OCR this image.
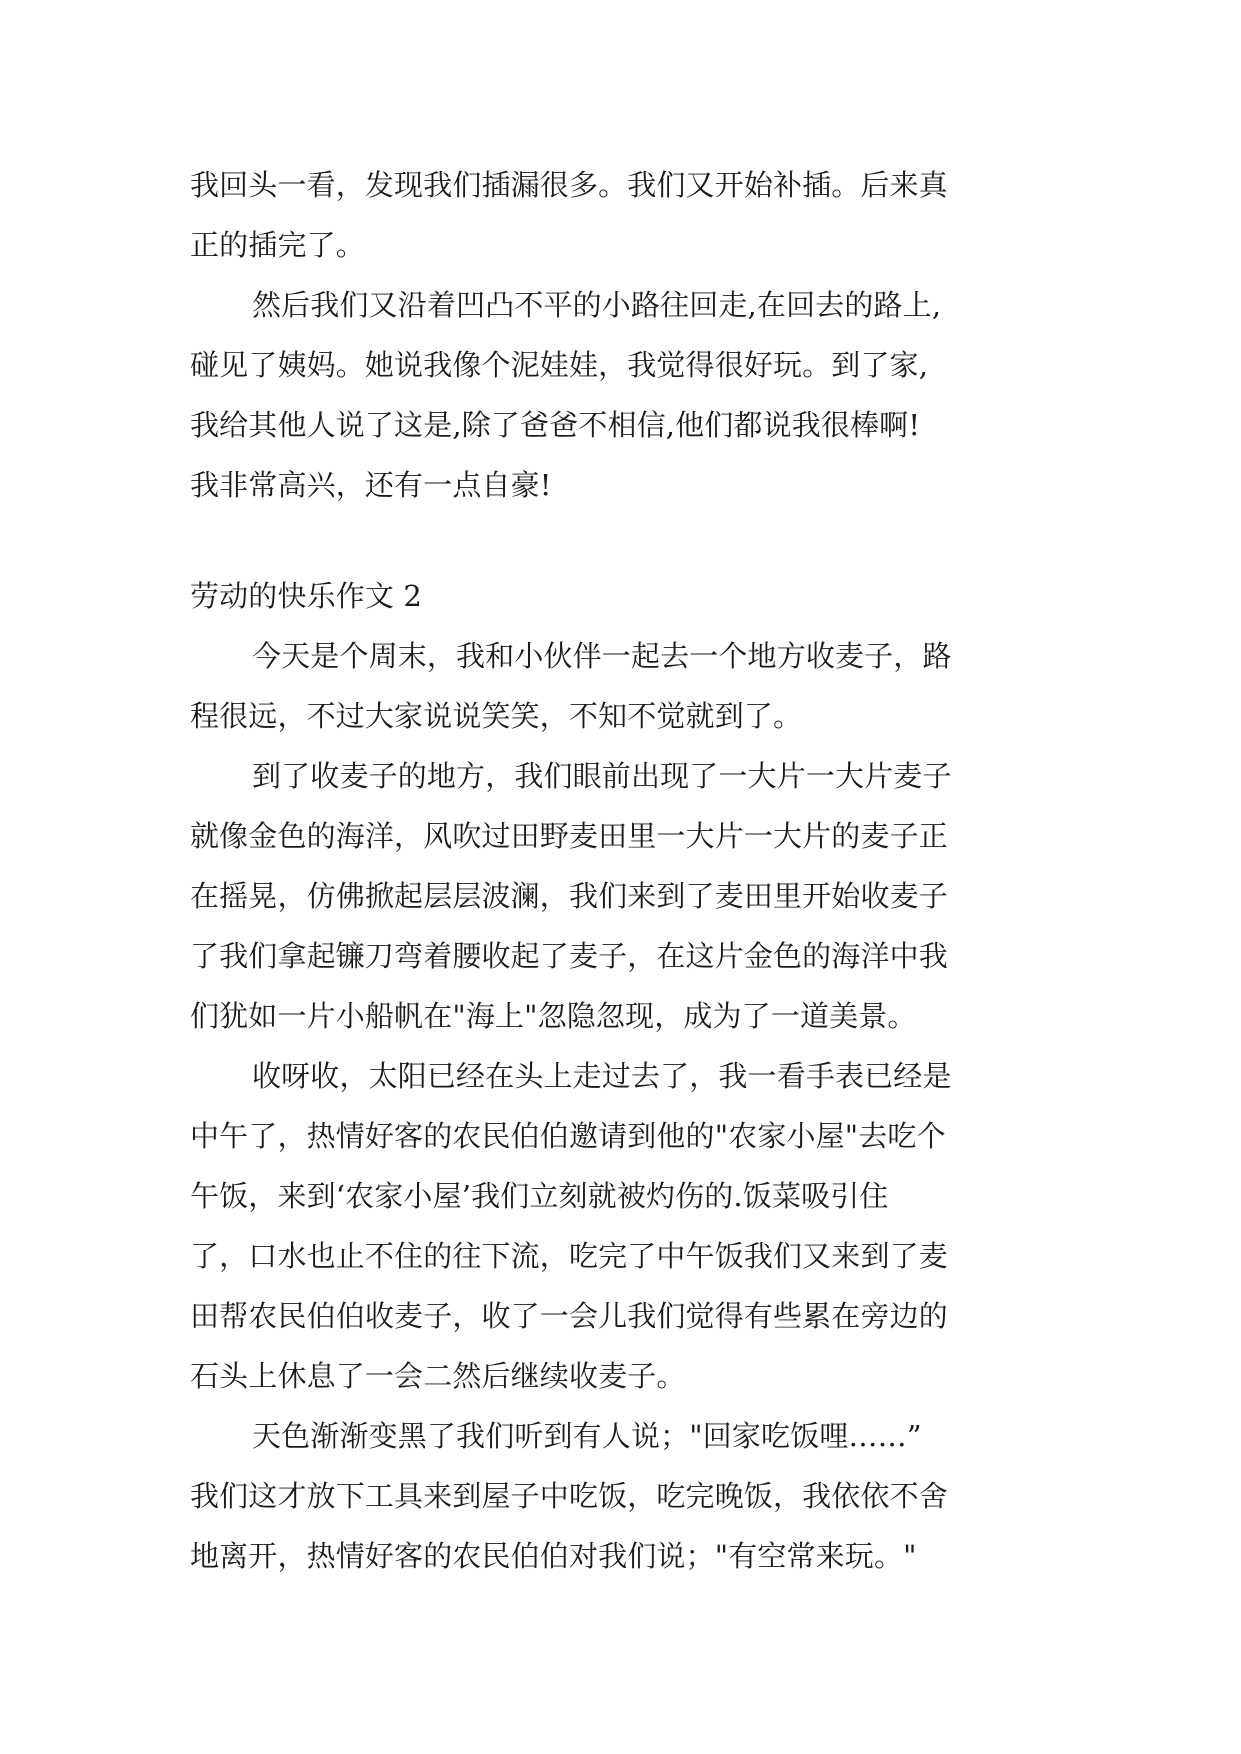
我回头一看，发现我们插漏很多。我们又开始补插。后来真
正的插完了。
然后我们又沿着凹凸不平的小路往回走,在回去的路上,
碰见了姨妈。她说我像个泥娃娃，我觉得很好玩。到了家,
我给其他人说了这是,除了爸爸不相信,他们都说我很棒啊!
我非常高兴，还有一点自豪!
劳动的快乐作文 2
今天是个周末，我和小伙伴一起去一个地方收麦子，路
程很远，不过大家说说笑笑，不知不觉就到了。
到了收麦子的地方，我们眼前出现了一大片一大片麦子
就像金色的海洋，风吹过田野麦田里一大片一大片的麦子正
在摇晃，仿佛掀起层层波澜，我们来到了麦田里开始收麦子
了我们拿起镰刀弯着腰收起了麦子，在这片金色的海洋中我
们犹如一片小船帆在"海上"忽隐忽现，成为了一道美景。
收呀收，太阳已经在头上走过去了，我一看手表已经是
中午了，热情好客的农民伯伯邀请到他的"农家小屋"去吃个
午饭，来到‘农家小屋’我们立刻就被灼伤的.饭菜吸引住
了，口水也止不住的往下流，吃完了中午饭我们又来到了麦
田帮农民伯伯收麦子，收了一会儿我们觉得有些累在旁边的
石头上休息了一会二然后继续收麦子。
天色渐渐变黑了我们听到有人说；"回家吃饭哩……”
我们这才放下工具来到屋子中吃饭，吃完晚饭，我依依不舍
地离开，热情好客的农民伯伯对我们说；"有空常来玩。"
